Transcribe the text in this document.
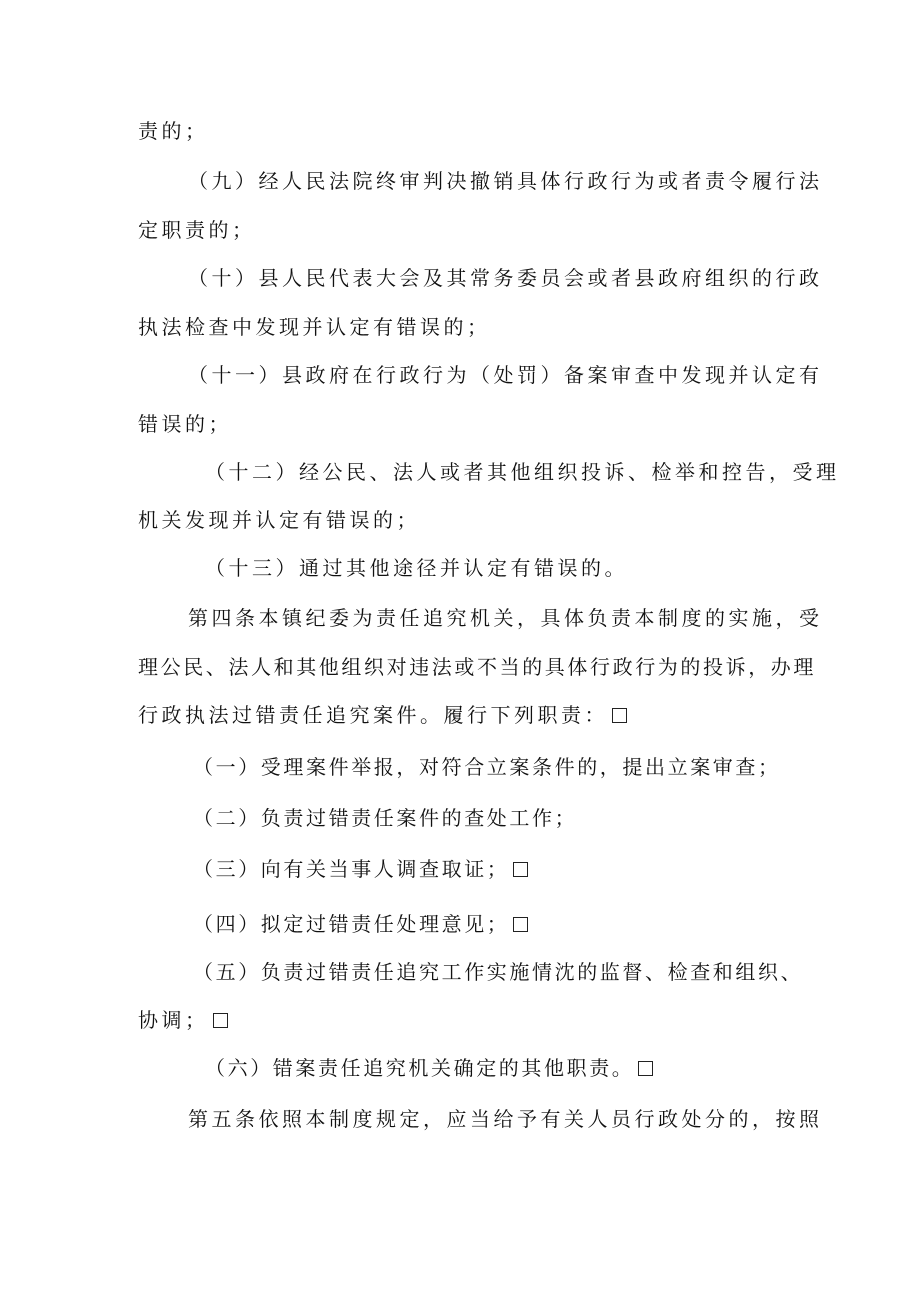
责的；

（九）经人民法院终审判决撤销具体行政行为或者责令履行法

定职责的；

（十）县人民代表大会及其常务委员会或者县政府组织的行政

执法检查中发现并认定有错误的；

（十一）县政府在行政行为（处罚）备案审查中发现并认定有

错误的；

（十二）经公民、法人或者其他组织投诉、检举和控告，受理

机关发现并认定有错误的；

（十三）通过其他途径并认定有错误的。

第四条本镇纪委为责任追究机关，具体负责本制度的实施，受

理公民、法人和其他组织对违法或不当的具体行政行为的投诉，办理

行政执法过错责任追究案件。履行下列职责：

（一）受理案件举报，对符合立案条件的，提出立案审查；

（二）负责过错责任案件的查处工作；

（三）向有关当事人调查取证；

（四）拟定过错责任处理意见；

（五）负责过错责任追究工作实施情沈的监督、检查和组织、

协调；

（六）错案责任追究机关确定的其他职责。

第五条依照本制度规定，应当给予有关人员行政处分的，按照
